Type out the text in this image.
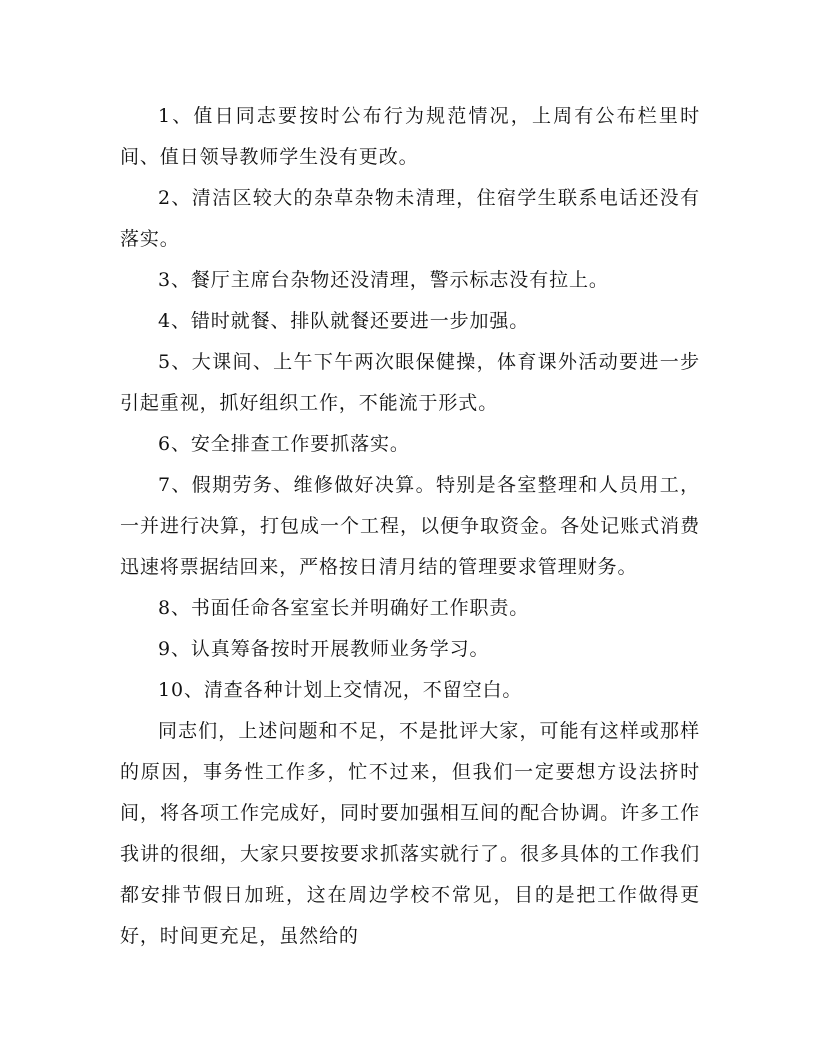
1、值日同志要按时公布行为规范情况，上周有公布栏里时间、值日领导教师学生没有更改。

2、清洁区较大的杂草杂物未清理，住宿学生联系电话还没有落实。

3、餐厅主席台杂物还没清理，警示标志没有拉上。

4、错时就餐、排队就餐还要进一步加强。

5、大课间、上午下午两次眼保健操，体育课外活动要进一步引起重视，抓好组织工作，不能流于形式。

6、安全排查工作要抓落实。

7、假期劳务、维修做好决算。特别是各室整理和人员用工，一并进行决算，打包成一个工程，以便争取资金。各处记账式消费迅速将票据结回来，严格按日清月结的管理要求管理财务。

8、书面任命各室室长并明确好工作职责。

9、认真筹备按时开展教师业务学习。

10、清查各种计划上交情况，不留空白。

同志们，上述问题和不足，不是批评大家，可能有这样或那样的原因，事务性工作多，忙不过来，但我们一定要想方设法挤时间，将各项工作完成好，同时要加强相互间的配合协调。许多工作我讲的很细，大家只要按要求抓落实就行了。很多具体的工作我们都安排节假日加班，这在周边学校不常见，目的是把工作做得更好，时间更充足，虽然给的
